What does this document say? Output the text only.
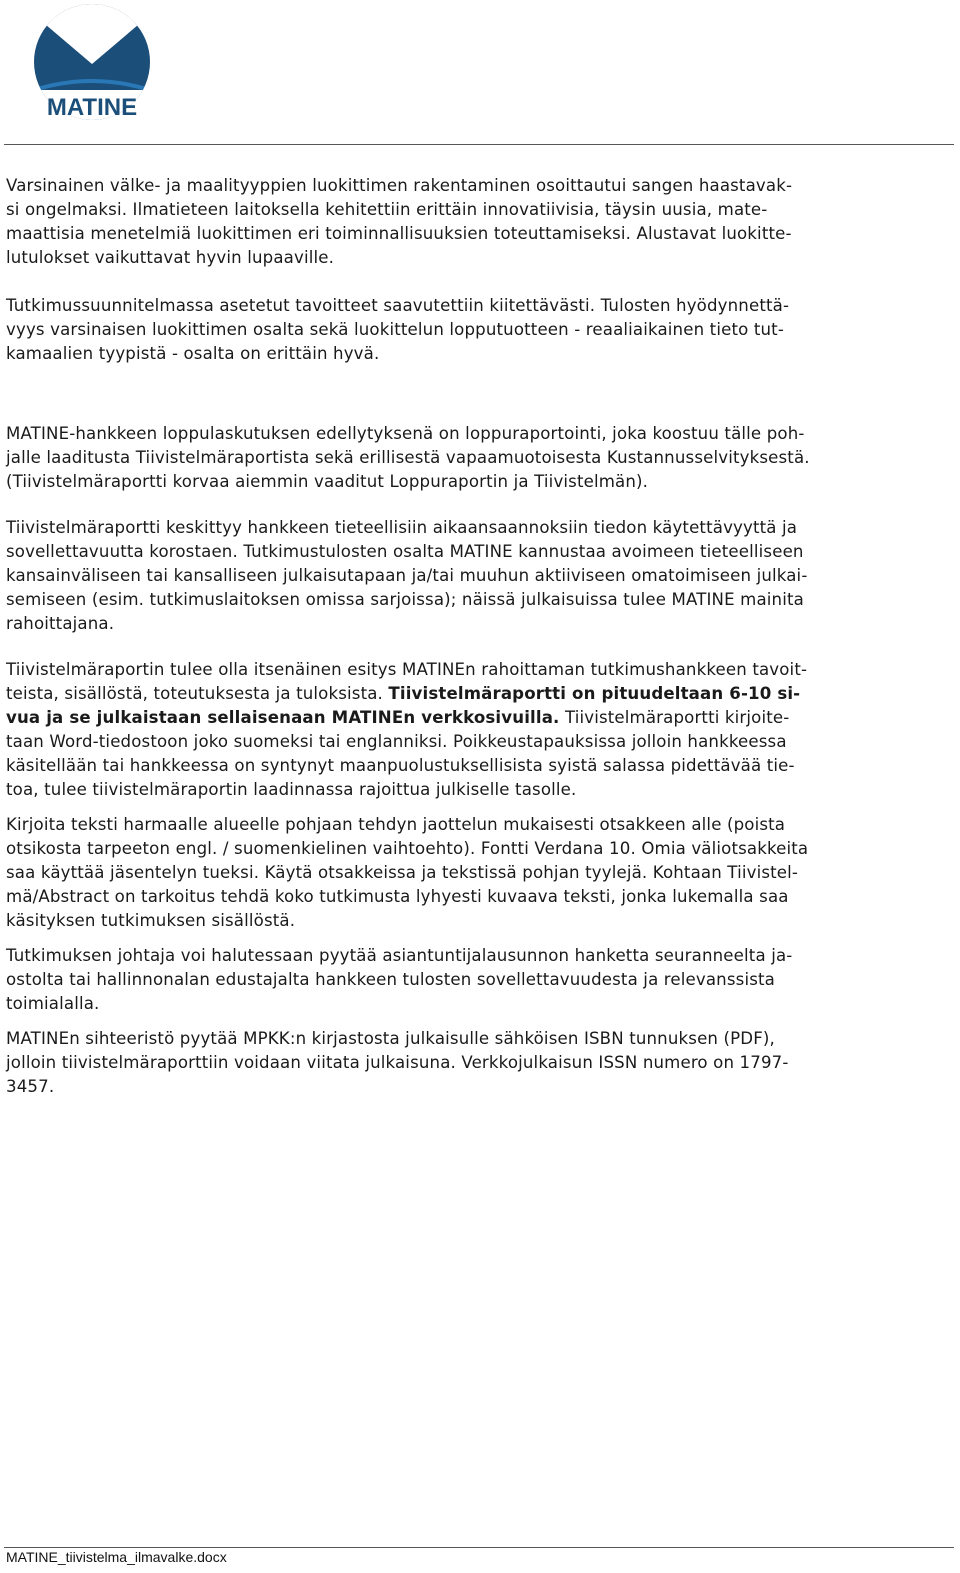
MATINE

Varsinainen välke- ja maalityyppien luokittimen rakentaminen osoittautui sangen haastavak-
si ongelmaksi. Ilmatieteen laitoksella kehitettiin erittäin innovatiivisia, täysin uusia, mate-
maattisia menetelmiä luokittimen eri toiminnallisuuksien toteuttamiseksi. Alustavat luokitte-
lutulokset vaikuttavat hyvin lupaaville.

Tutkimussuunnitelmassa asetetut tavoitteet saavutettiin kiitettävästi. Tulosten hyödynnettä-
vyys varsinaisen luokittimen osalta sekä luokittelun lopputuotteen - reaaliaikainen tieto tut-
kamaalien tyypistä - osalta on erittäin hyvä.

MATINE-hankkeen loppulaskutuksen edellytyksenä on loppuraportointi, joka koostuu tälle poh-
jalle laaditusta Tiivistelmäraportista sekä erillisestä vapaamuotoisesta Kustannusselvityksestä.
(Tiivistelmäraportti korvaa aiemmin vaaditut Loppuraportin ja Tiivistelmän).

Tiivistelmäraportti keskittyy hankkeen tieteellisiin aikaansaannoksiin tiedon käytettävyyttä ja
sovellettavuutta korostaen. Tutkimustulosten osalta MATINE kannustaa avoimeen tieteelliseen
kansainväliseen tai kansalliseen julkaisutapaan ja/tai muuhun aktiiviseen omatoimiseen julkai-
semiseen (esim. tutkimuslaitoksen omissa sarjoissa); näissä julkaisuissa tulee MATINE mainita
rahoittajana.

Tiivistelmäraportin tulee olla itsenäinen esitys MATINEn rahoittaman tutkimushankkeen tavoit-
teista, sisällöstä, toteutuksesta ja tuloksista. Tiivistelmäraportti on pituudeltaan 6-10 si-
vua ja se julkaistaan sellaisenaan MATINEn verkkosivuilla. Tiivistelmäraportti kirjoite-
taan Word-tiedostoon joko suomeksi tai englanniksi. Poikkeustapauksissa jolloin hankkeessa
käsitellään tai hankkeessa on syntynyt maanpuolustuksellisista syistä salassa pidettävää tie-
toa, tulee tiivistelmäraportin laadinnassa rajoittua julkiselle tasolle.

Kirjoita teksti harmaalle alueelle pohjaan tehdyn jaottelun mukaisesti otsakkeen alle (poista
otsikosta tarpeeton engl. / suomenkielinen vaihtoehto). Fontti Verdana 10. Omia väliotsakkeita
saa käyttää jäsentelyn tueksi. Käytä otsakkeissa ja tekstissä pohjan tyylejä. Kohtaan Tiivistel-
mä/Abstract on tarkoitus tehdä koko tutkimusta lyhyesti kuvaava teksti, jonka lukemalla saa
käsityksen tutkimuksen sisällöstä.

Tutkimuksen johtaja voi halutessaan pyytää asiantuntijalausunnon hanketta seuranneelta ja-
ostolta tai hallinnonalan edustajalta hankkeen tulosten sovellettavuudesta ja relevanssista
toimialalla.

MATINEn sihteeristö pyytää MPKK:n kirjastosta julkaisulle sähköisen ISBN tunnuksen (PDF),
jolloin tiivistelmäraporttiin voidaan viitata julkaisuna. Verkkojulkaisun ISSN numero on 1797-
3457.

MATINE_tiivistelma_ilmavalke.docx
